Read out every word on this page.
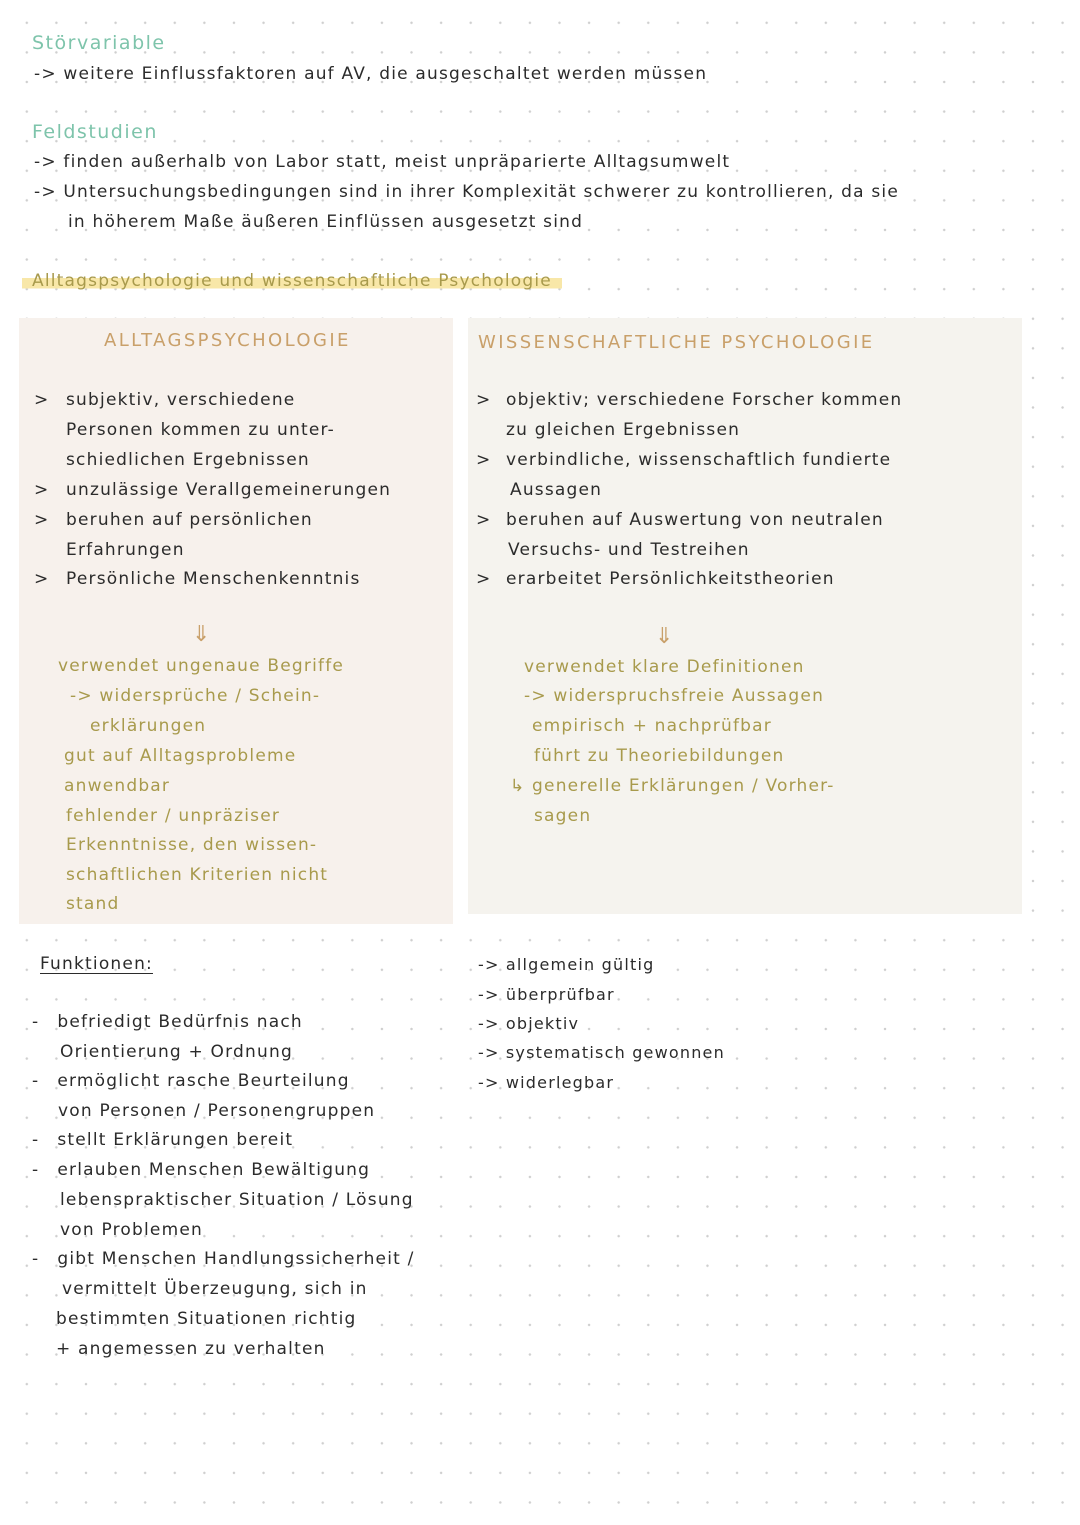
Störvariable
-> weitere Einflussfaktoren auf AV, die ausgeschaltet werden müssen
Feldstudien
-> finden außerhalb von Labor statt, meist unpräparierte Alltagsumwelt
-> Untersuchungsbedingungen sind in ihrer Komplexität schwerer zu kontrollieren, da sie
in höherem Maße äußeren Einflüssen ausgesetzt sind
Alltagspsychologie und wissenschaftliche Psychologie
ALLTAGSPSYCHOLOGIE
> subjektiv, verschiedene
Personen kommen zu unter-
schiedlichen Ergebnissen
> unzulässige Verallgemeinerungen
> beruhen auf persönlichen
Erfahrungen
> Persönliche Menschenkenntnis
⇓
verwendet ungenaue Begriffe
-> widersprüche / Schein-
erklärungen
gut auf Alltagsprobleme
anwendbar
fehlender / unpräziser
Erkenntnisse, den wissen-
schaftlichen Kriterien nicht
stand
WISSENSCHAFTLICHE PSYCHOLOGIE
> objektiv; verschiedene Forscher kommen
zu gleichen Ergebnissen
> verbindliche, wissenschaftlich fundierte
Aussagen
> beruhen auf Auswertung von neutralen
Versuchs- und Testreihen
> erarbeitet Persönlichkeitstheorien
⇓
verwendet klare Definitionen
-> widerspruchsfreie Aussagen
empirisch + nachprüfbar
führt zu Theoriebildungen
↳ generelle Erklärungen / Vorher-
sagen
Funktionen:
- befriedigt Bedürfnis nach
Orientierung + Ordnung
- ermöglicht rasche Beurteilung
von Personen / Personengruppen
- stellt Erklärungen bereit
- erlauben Menschen Bewältigung
lebenspraktischer Situation / Lösung
von Problemen
- gibt Menschen Handlungssicherheit /
vermittelt Überzeugung, sich in
bestimmten Situationen richtig
+ angemessen zu verhalten
-> allgemein gültig
-> überprüfbar
-> objektiv
-> systematisch gewonnen
-> widerlegbar
